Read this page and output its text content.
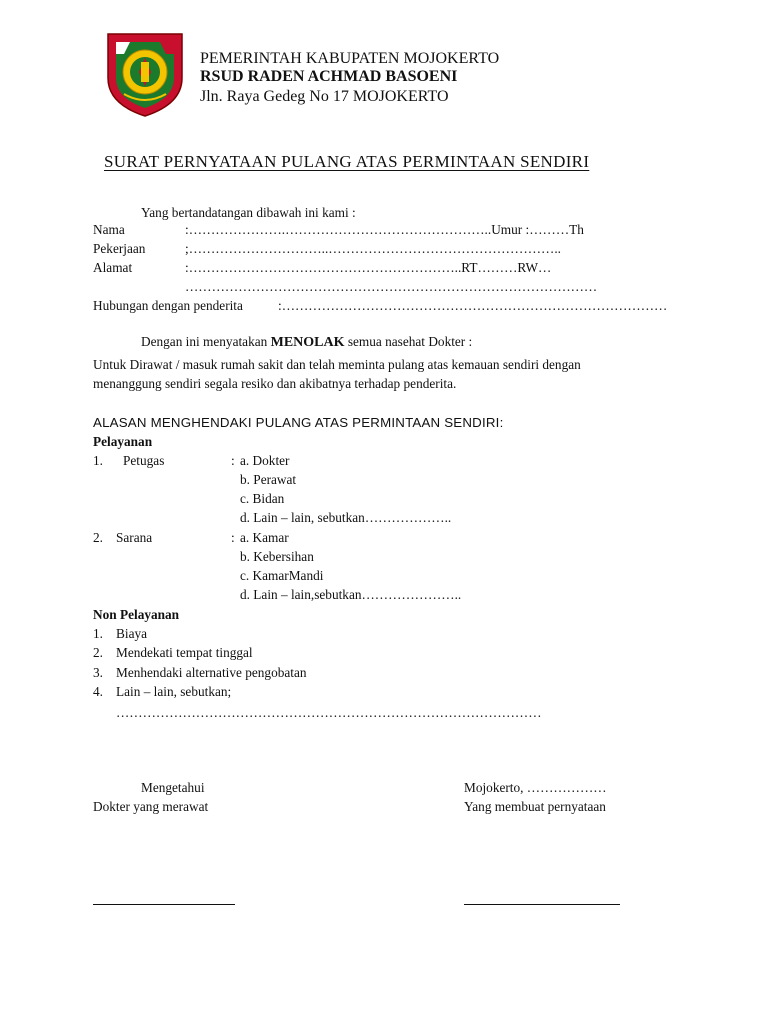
PEMERINTAH KABUPATEN MOJOKERTO
RSUD RADEN ACHMAD BASOENI
Jln. Raya Gedeg No 17 MOJOKERTO
SURAT PERNYATAAN PULANG ATAS PERMINTAAN SENDIRI
Yang bertandatangan dibawah ini kami :
Nama	:………………….………………………………………..Umur :………Th
Pekerjaan	;…………………………..……………………………………………..
Alamat	:……………………………………………………..RT………RW…
…………………………………………………………………………………
Hubungan dengan penderita	:……………………………………………………………………………
Dengan ini menyatakan MENOLAK semua nasehat Dokter :
Untuk Dirawat / masuk rumah sakit dan telah meminta pulang atas kemauan sendiri dengan
menanggung sendiri segala resiko dan akibatnya terhadap penderita.
ALASAN MENGHENDAKI PULANG ATAS PERMINTAAN SENDIRI:
Pelayanan
1. Petugas	: a. Dokter
b. Perawat
c. Bidan
d. Lain – lain, sebutkan………………..
2. Sarana	: a. Kamar
b. Kebersihan
c. KamarMandi
d. Lain – lain,sebutkan…………………..
Non Pelayanan
1. Biaya
2. Mendekati tempat tinggal
3. Menhendaki alternative pengobatan
4. Lain – lain, sebutkan;
……………………………………………………………………………………
Mengetahui
Dokter yang merawat
Mojokerto, ………………
Yang membuat pernyataan
